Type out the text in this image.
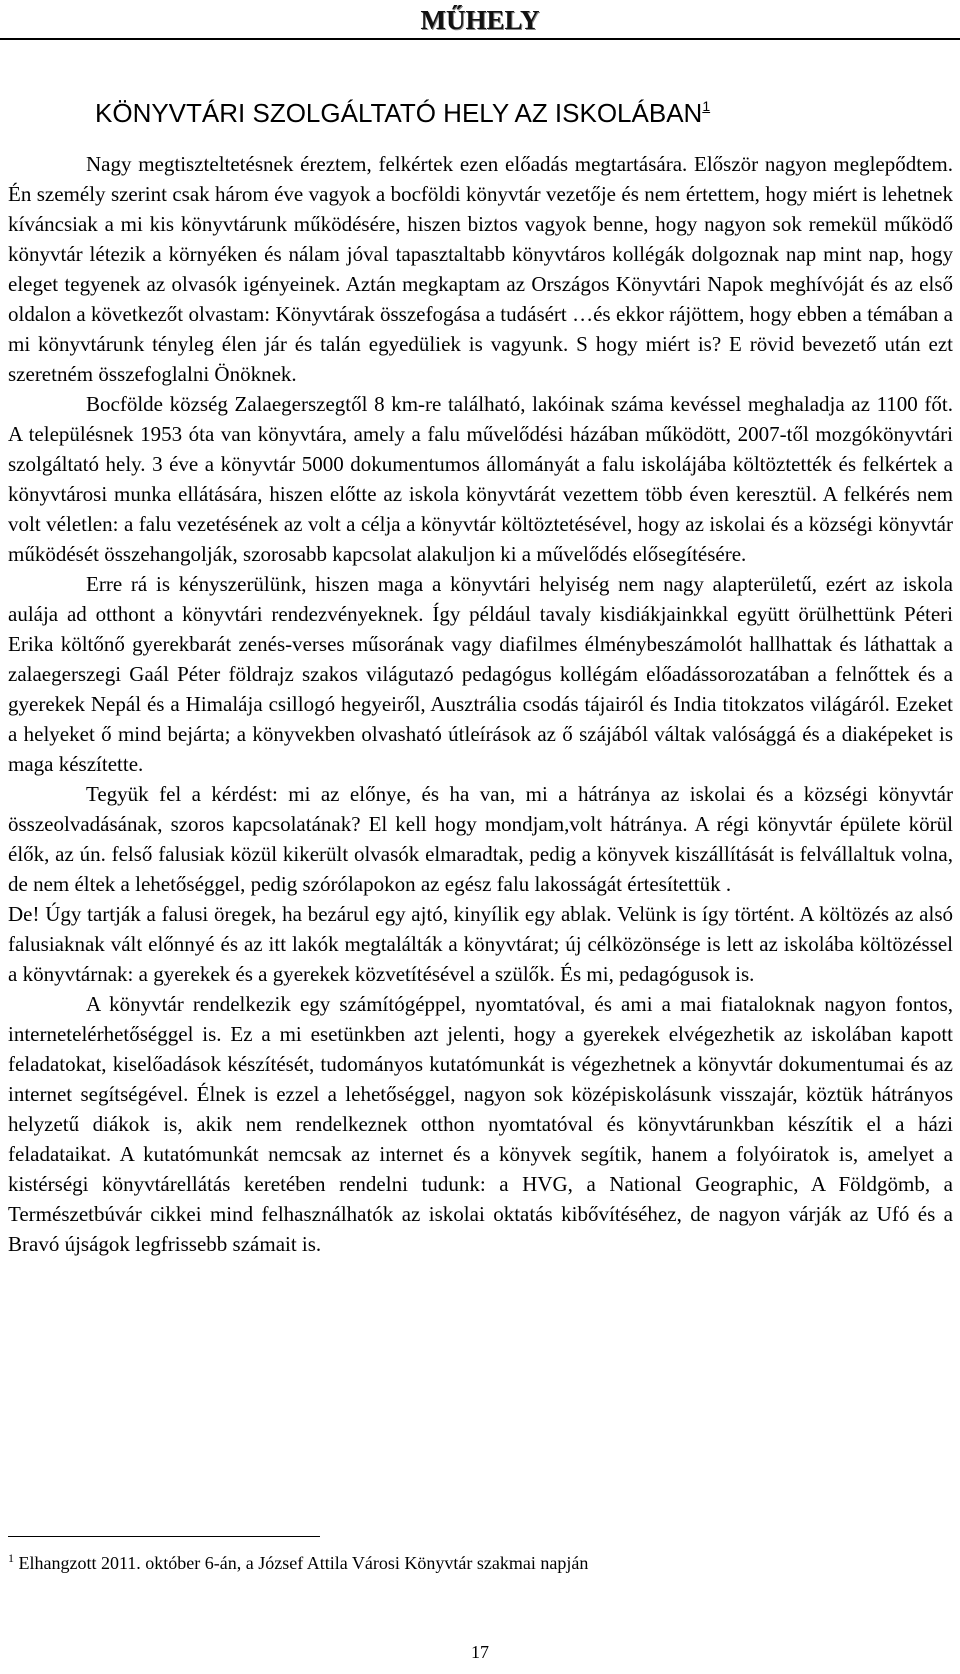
MŰHELY
KÖNYVTÁRI SZOLGÁLTATÓ HELY AZ ISKOLÁBAN$^1$

Nagy megtiszteltetésnek éreztem, felkértek ezen előadás megtartására. Először nagyon meglepődtem. Én személy szerint csak három éve vagyok a bocföldi könyvtár vezetője és nem értettem, hogy miért is lehetnek kíváncsiak a mi kis könyvtárunk működésére, hiszen biztos vagyok benne, hogy nagyon sok remekül működő könyvtár létezik a környéken és nálam jóval tapasztaltabb könyvtáros kollégák dolgoznak nap mint nap, hogy eleget tegyenek az olvasók igényeinek. Aztán megkaptam az Országos Könyvtári Napok meghívóját és az első oldalon a következőt olvastam: Könyvtárak összefogása a tudásért …és ekkor rájöttem, hogy ebben a témában a mi könyvtárunk tényleg élen jár és talán egyedüliek is vagyunk. S hogy miért is? E rövid bevezető után ezt szeretném összefoglalni Önöknek.

Bocfölde község Zalaegerszegtől 8 km-re található, lakóinak száma kevéssel meghaladja az 1100 főt. A településnek 1953 óta van könyvtára, amely a falu művelődési házában működött, 2007-től mozgókönyvtári szolgáltató hely. 3 éve a könyvtár 5000 dokumentumos állományát a falu iskolájába költöztették és felkértek a könyvtárosi munka ellátására, hiszen előtte az iskola könyvtárát vezettem több éven keresztül. A felkérés nem volt véletlen: a falu vezetésének az volt a célja a könyvtár költöztetésével, hogy az iskolai és a községi könyvtár működését összehangolják, szorosabb kapcsolat alakuljon ki a művelődés elősegítésére.

Erre rá is kényszerülünk, hiszen maga a könyvtári helyiség nem nagy alapterületű, ezért az iskola aulája ad otthont a könyvtári rendezvényeknek. Így például tavaly kisdiákjainkkal együtt örülhettünk Péteri Erika költőnő gyerekbarát zenés-verses műsorának vagy diafilmes élménybeszámolót hallhattak és láthattak a zalaegerszegi Gaál Péter földrajz szakos világutazó pedagógus kollégám előadássorozatában a felnőttek és a gyerekek Nepál és a Himalája csillogó hegyeiről, Ausztrália csodás tájairól és India titokzatos világáról. Ezeket a helyeket ő mind bejárta; a könyvekben olvasható útleírások az ő szájából váltak valósággá és a diaképeket is maga készítette.

Tegyük fel a kérdést: mi az előnye, és ha van, mi a hátránya az iskolai és a községi könyvtár összeolvadásának, szoros kapcsolatának? El kell hogy mondjam,volt hátránya. A régi könyvtár épülete körül élők, az ún. felső falusiak közül kikerült olvasók elmaradtak, pedig a könyvek kiszállítását is felvállaltuk volna, de nem éltek a lehetőséggel, pedig szórólapokon az egész falu lakosságát értesítettük .

De! Úgy tartják a falusi öregek, ha bezárul egy ajtó, kinyílik egy ablak. Velünk is így történt. A költözés az alsó falusiaknak vált előnnyé és az itt lakók megtalálták a könyvtárat; új célközönsége is lett az iskolába költözéssel a könyvtárnak: a gyerekek és a gyerekek közvetítésével a szülők. És mi, pedagógusok is.

A könyvtár rendelkezik egy számítógéppel, nyomtatóval, és ami a mai fiataloknak nagyon fontos, internetelérhetőséggel is. Ez a mi esetünkben azt jelenti, hogy a gyerekek elvégezhetik az iskolában kapott feladatokat, kiselőadások készítését, tudományos kutatómunkát is végezhetnek a könyvtár dokumentumai és az internet segítségével. Élnek is ezzel a lehetőséggel, nagyon sok középiskolásunk visszajár, köztük hátrányos helyzetű diákok is, akik nem rendelkeznek otthon nyomtatóval és könyvtárunkban készítik el a házi feladataikat. A kutatómunkát nemcsak az internet és a könyvek segítik, hanem a folyóiratok is, amelyet a kistérségi könyvtárellátás keretében rendelni tudunk: a HVG, a National Geographic, A Földgömb, a Természetbúvár cikkei mind felhasználhatók az iskolai oktatás kibővítéséhez, de nagyon várják az Ufó és a Bravó újságok legfrissebb számait is.

$^1$ Elhangzott 2011. október 6-án, a József Attila Városi Könyvtár szakmai napján
17
